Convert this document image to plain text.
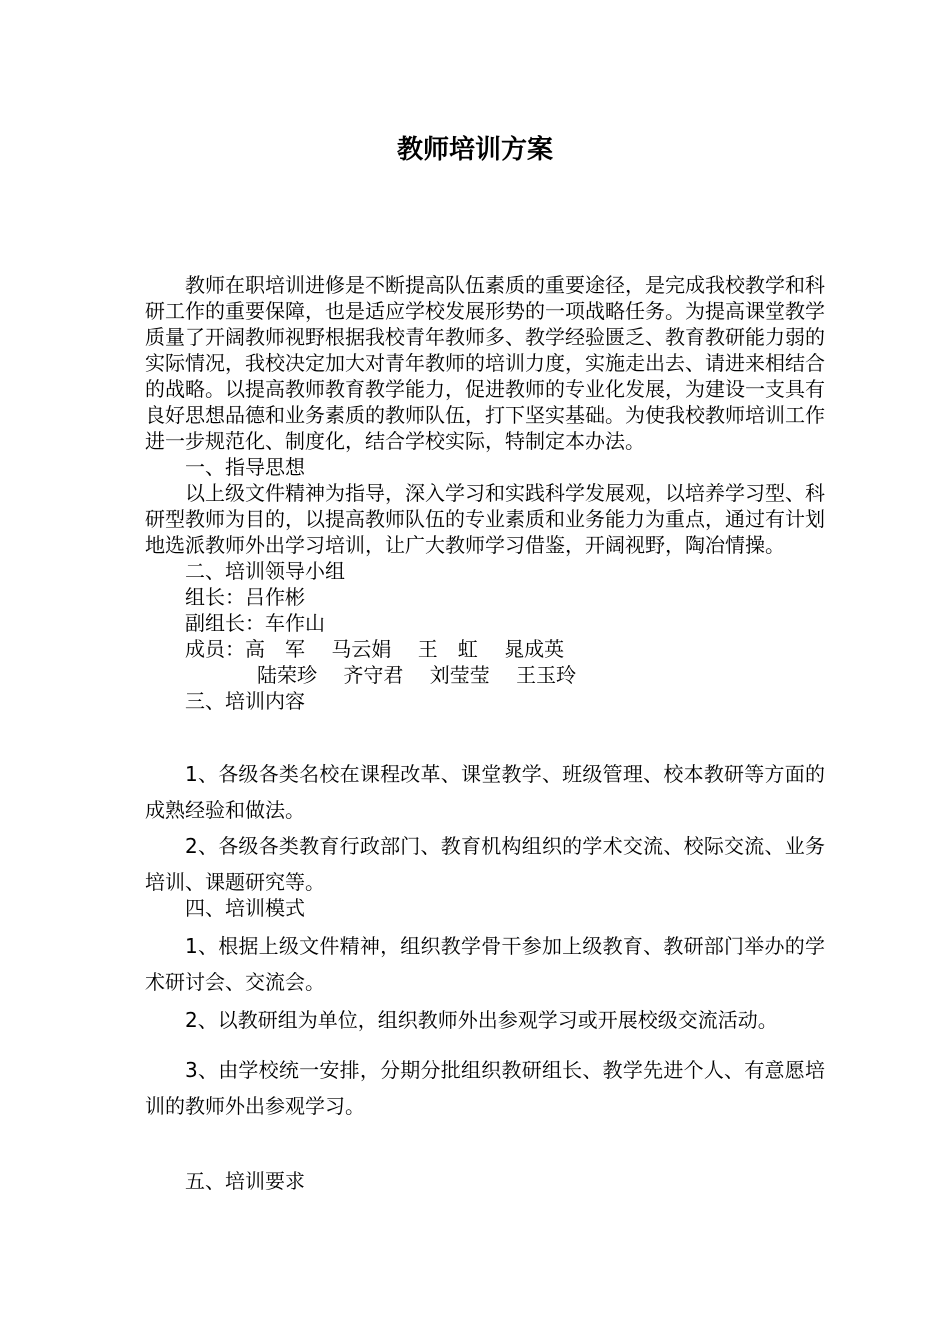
教师培训方案

教师在职培训进修是不断提高队伍素质的重要途径，是完成我校教学和科研工作的重要保障，也是适应学校发展形势的一项战略任务。为提高课堂教学质量了开阔教师视野根据我校青年教师多、教学经验匮乏、教育教研能力弱的实际情况，我校决定加大对青年教师的培训力度，实施走出去、请进来相结合的战略。以提高教师教育教学能力，促进教师的专业化发展，为建设一支具有良好思想品德和业务素质的教师队伍，打下坚实基础。为使我校教师培训工作进一步规范化、制度化，结合学校实际，特制定本办法。

一、指导思想

以上级文件精神为指导，深入学习和实践科学发展观，以培养学习型、科研型教师为目的，以提高教师队伍的专业素质和业务能力为重点，通过有计划地选派教师外出学习培训，让广大教师学习借鉴，开阔视野，陶冶情操。

二、培训领导小组

组长：吕作彬

副组长：车作山

成员：高　军　 马云娟　 王　虹　 晁成英

陆荣珍　 齐守君　 刘莹莹　 王玉玲

三、培训内容

1、各级各类名校在课程改革、课堂教学、班级管理、校本教研等方面的成熟经验和做法。

2、各级各类教育行政部门、教育机构组织的学术交流、校际交流、业务培训、课题研究等。

四、培训模式

1、根据上级文件精神，组织教学骨干参加上级教育、教研部门举办的学术研讨会、交流会。

2、以教研组为单位，组织教师外出参观学习或开展校级交流活动。

3、由学校统一安排，分期分批组织教研组长、教学先进个人、有意愿培训的教师外出参观学习。

五、培训要求
